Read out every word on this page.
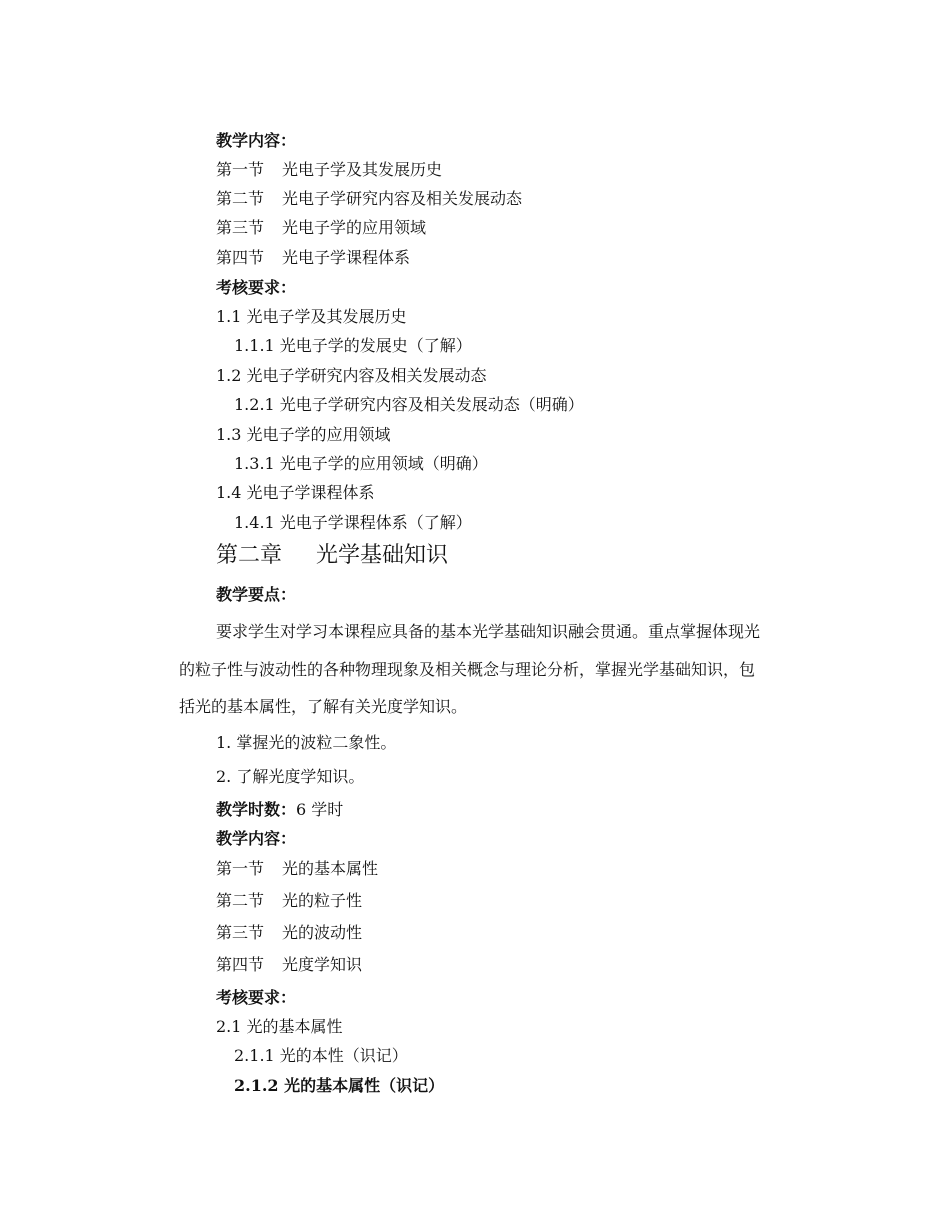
教学内容：
第一节 光电子学及其发展历史
第二节 光电子学研究内容及相关发展动态
第三节 光电子学的应用领域
第四节 光电子学课程体系
考核要求：
1.1 光电子学及其发展历史
1.1.1 光电子学的发展史（了解）
1.2 光电子学研究内容及相关发展动态
1.2.1 光电子学研究内容及相关发展动态（明确）
1.3 光电子学的应用领域
1.3.1 光电子学的应用领域（明确）
1.4 光电子学课程体系
1.4.1 光电子学课程体系（了解）
第二章 光学基础知识
教学要点：
要求学生对学习本课程应具备的基本光学基础知识融会贯通。重点掌握体现光
的粒子性与波动性的各种物理现象及相关概念与理论分析，掌握光学基础知识，包
括光的基本属性，了解有关光度学知识。
1. 掌握光的波粒二象性。
2. 了解光度学知识。
教学时数：6 学时
教学内容：
第一节 光的基本属性
第二节 光的粒子性
第三节 光的波动性
第四节 光度学知识
考核要求：
2.1 光的基本属性
2.1.1 光的本性（识记）
2.1.2 光的基本属性（识记）
